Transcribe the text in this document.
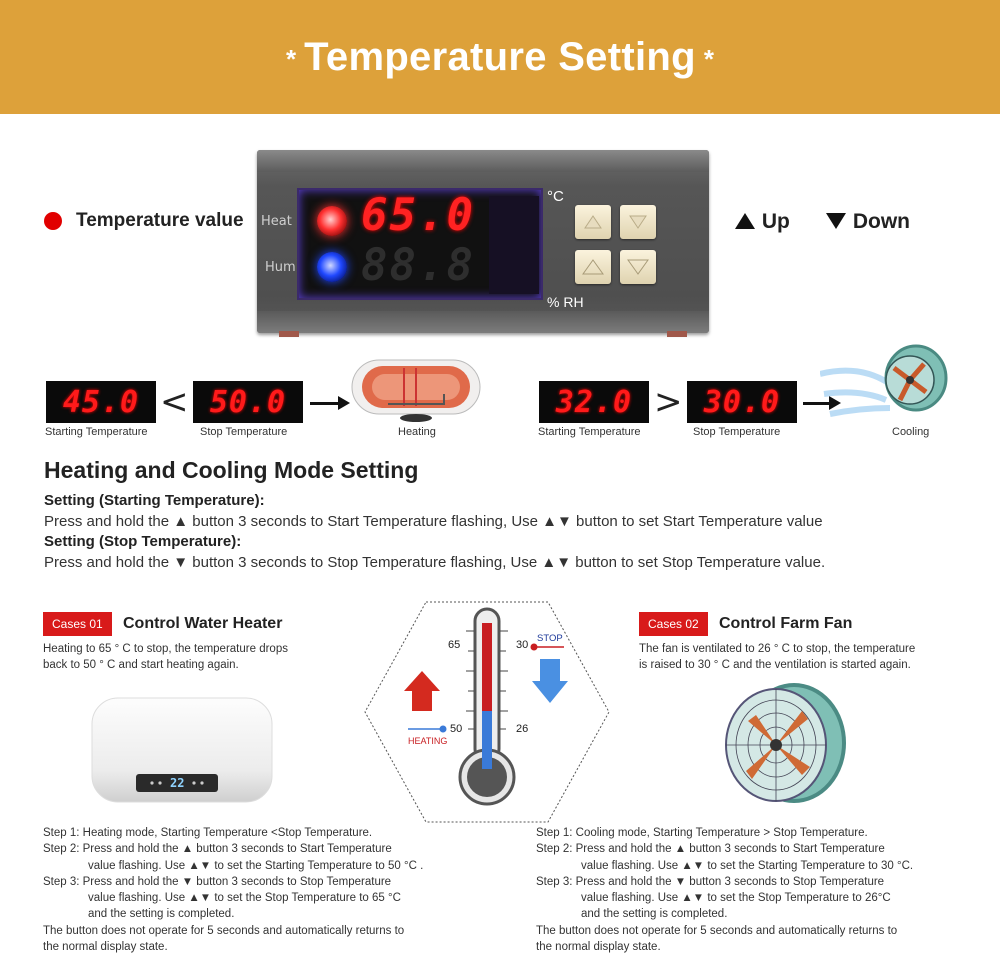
* Temperature Setting *
Temperature value Heat
Hum
°C
% RH
65.0
88.8
Up	Down
45.0 < 50.0
Starting Temperature	Stop Temperature	Heating
32.0 > 30.0
Starting Temperature	Stop Temperature	Cooling
Heating and Cooling Mode Setting
Setting (Starting Temperature):
Press and hold the ▲ button 3 seconds to Start Temperature flashing, Use ▲▼ button to set Start Temperature value
Setting (Stop Temperature):
Press and hold the ▼ button 3 seconds to Stop Temperature flashing, Use ▲▼ button to set Stop Temperature value.
Cases 01	Control Water Heater
Heating to 65 ° C to stop, the temperature drops
back to 50 ° C and start heating again.
22
65
50
30
26
STOP
HEATING
Cases 02	Control Farm Fan
The fan is ventilated to 26 ° C to stop, the temperature
is raised to 30 ° C and the ventilation is started again.
Step 1: Heating mode, Starting Temperature <Stop Temperature.
Step 2: Press and hold the ▲ button 3 seconds to Start Temperature
value flashing. Use ▲▼ to set the Starting Temperature to 50 °C .
Step 3: Press and hold the ▼ button 3 seconds to Stop Temperature
value flashing. Use ▲▼ to set the Stop Temperature to 65 °C
and the setting is completed.
The button does not operate for 5 seconds and automatically returns to
the normal display state.
Step 1: Cooling mode, Starting Temperature > Stop Temperature.
Step 2: Press and hold the ▲ button 3 seconds to Start Temperature
value flashing. Use ▲▼ to set the Starting Temperature to 30 °C.
Step 3: Press and hold the ▼ button 3 seconds to Stop Temperature
value flashing. Use ▲▼ to set the Stop Temperature to 26°C
and the setting is completed.
The button does not operate for 5 seconds and automatically returns to
the normal display state.
